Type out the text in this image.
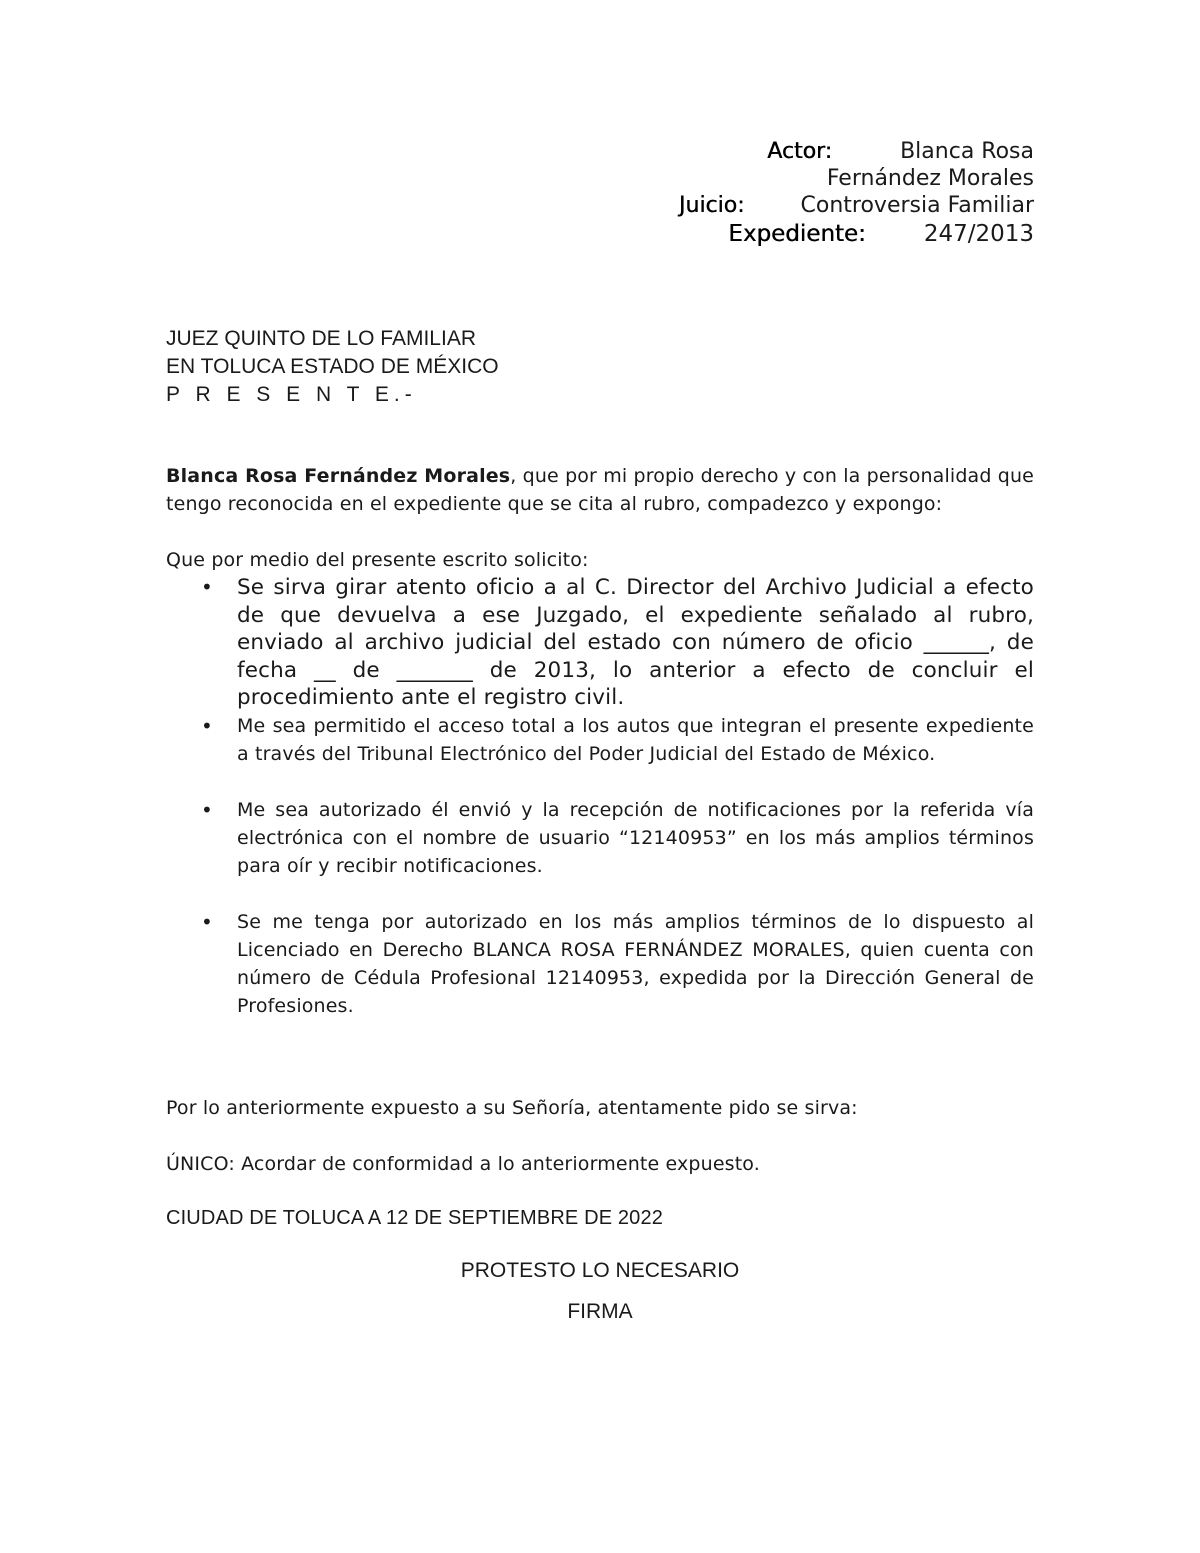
Actor:	Blanca Rosa
Fernández Morales
Juicio:	Controversia Familiar
Expediente:	247/2013
JUEZ QUINTO DE LO FAMILIAR
EN TOLUCA ESTADO DE MÉXICO
P R E S E N T E.-

Blanca Rosa Fernández Morales, que por mi propio derecho y con la personalidad que tengo reconocida en el expediente que se cita al rubro, compadezco y expongo:

Que por medio del presente escrito solicito:

• Se sirva girar atento oficio a al C. Director del Archivo Judicial a efecto de que devuelva a ese Juzgado, el expediente señalado al rubro, enviado al archivo judicial del estado con número de oficio ______, de fecha __ de _______ de 2013, lo anterior a efecto de concluir el procedimiento ante el registro civil.
• Me sea permitido el acceso total a los autos que integran el presente expediente a través del Tribunal Electrónico del Poder Judicial del Estado de México.
• Me sea autorizado él envió y la recepción de notificaciones por la referida vía electrónica con el nombre de usuario “12140953” en los más amplios términos para oír y recibir notificaciones.
• Se me tenga por autorizado en los más amplios términos de lo dispuesto al Licenciado en Derecho BLANCA ROSA FERNÁNDEZ MORALES, quien cuenta con número de Cédula Profesional 12140953, expedida por la Dirección General de Profesiones.
Por lo anteriormente expuesto a su Señoría, atentamente pido se sirva:
ÚNICO: Acordar de conformidad a lo anteriormente expuesto.
CIUDAD DE TOLUCA A 12 DE SEPTIEMBRE DE 2022
PROTESTO LO NECESARIO
FIRMA
